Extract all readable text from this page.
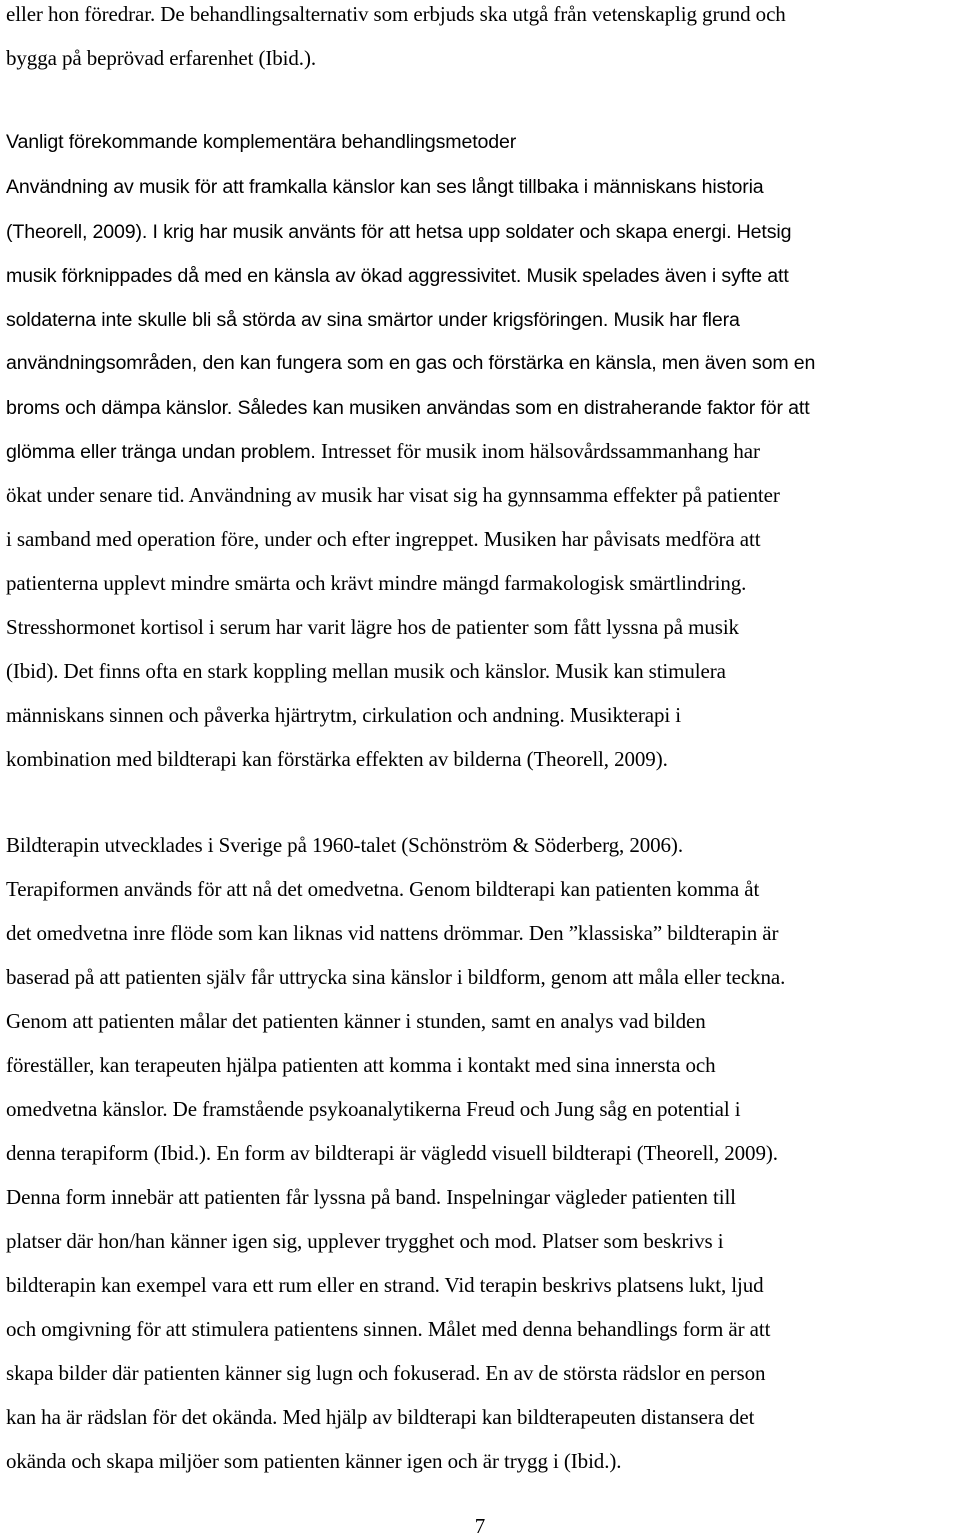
eller hon föredrar. De behandlingsalternativ som erbjuds ska utgå från vetenskaplig grund och
bygga på beprövad erfarenhet (Ibid.).
Vanligt förekommande komplementära behandlingsmetoder
Användning av musik för att framkalla känslor kan ses långt tillbaka i människans historia
(Theorell, 2009). I krig har musik använts för att hetsa upp soldater och skapa energi. Hetsig
musik förknippades då med en känsla av ökad aggressivitet. Musik spelades även i syfte att
soldaterna inte skulle bli så störda av sina smärtor under krigsföringen. Musik har flera
användningsområden, den kan fungera som en gas och förstärka en känsla, men även som en
broms och dämpa känslor. Således kan musiken användas som en distraherande faktor för att
glömma eller tränga undan problem. Intresset för musik inom hälsovårdssammanhang har
ökat under senare tid. Användning av musik har visat sig ha gynnsamma effekter på patienter
i samband med operation före, under och efter ingreppet. Musiken har påvisats medföra att
patienterna upplevt mindre smärta och krävt mindre mängd farmakologisk smärtlindring.
Stresshormonet kortisol i serum har varit lägre hos de patienter som fått lyssna på musik
(Ibid). Det finns ofta en stark koppling mellan musik och känslor. Musik kan stimulera
människans sinnen och påverka hjärtrytm, cirkulation och andning. Musikterapi i
kombination med bildterapi kan förstärka effekten av bilderna (Theorell, 2009).
Bildterapin utvecklades i Sverige på 1960-talet (Schönström & Söderberg, 2006).
Terapiformen används för att nå det omedvetna. Genom bildterapi kan patienten komma åt
det omedvetna inre flöde som kan liknas vid nattens drömmar. Den ”klassiska” bildterapin är
baserad på att patienten själv får uttrycka sina känslor i bildform, genom att måla eller teckna.
Genom att patienten målar det patienten känner i stunden, samt en analys vad bilden
föreställer, kan terapeuten hjälpa patienten att komma i kontakt med sina innersta och
omedvetna känslor. De framstående psykoanalytikerna Freud och Jung såg en potential i
denna terapiform (Ibid.). En form av bildterapi är vägledd visuell bildterapi (Theorell, 2009).
Denna form innebär att patienten får lyssna på band. Inspelningar vägleder patienten till
platser där hon/han känner igen sig, upplever trygghet och mod. Platser som beskrivs i
bildterapin kan exempel vara ett rum eller en strand. Vid terapin beskrivs platsens lukt, ljud
och omgivning för att stimulera patientens sinnen. Målet med denna behandlings form är att
skapa bilder där patienten känner sig lugn och fokuserad. En av de största rädslor en person
kan ha är rädslan för det okända. Med hjälp av bildterapi kan bildterapeuten distansera det
okända och skapa miljöer som patienten känner igen och är trygg i (Ibid.).
7
